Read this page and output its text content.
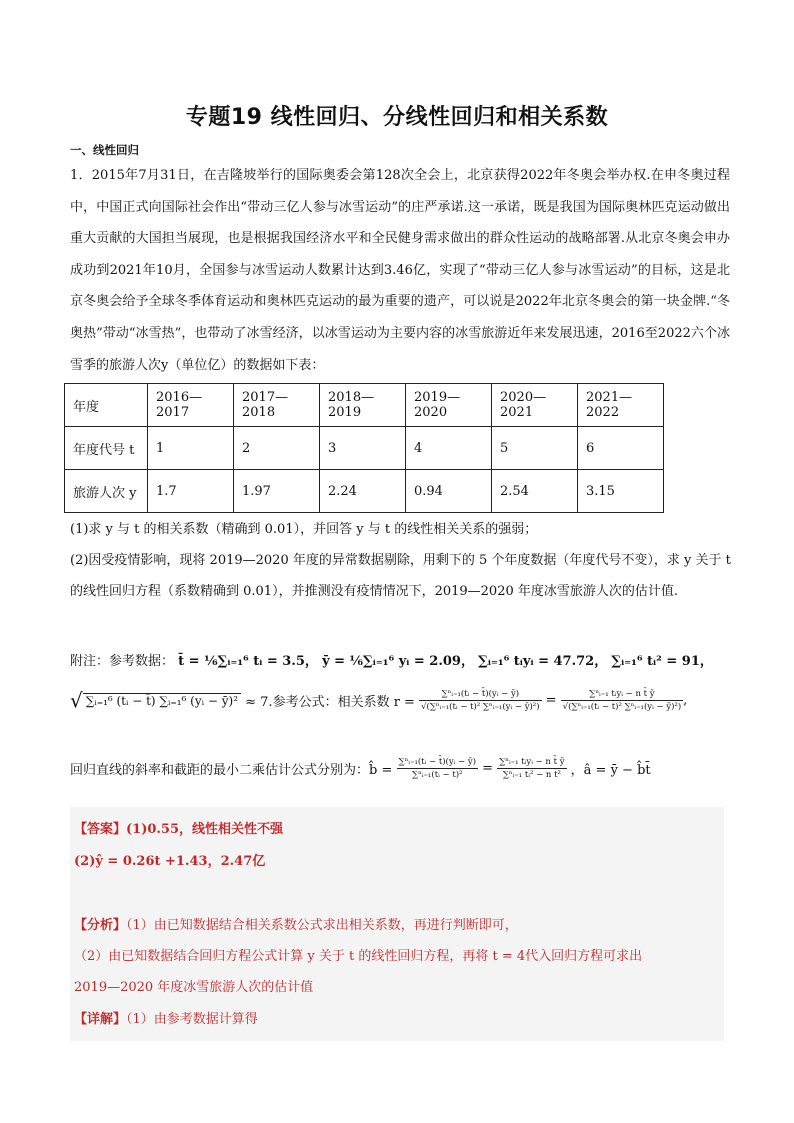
专题19 线性回归、分线性回归和相关系数
一、线性回归
1．2015年7月31日，在吉隆坡举行的国际奥委会第128次全会上，北京获得2022年冬奥会举办权.在申冬奥过程中，中国正式向国际社会作出“带动三亿人参与冰雪运动”的庄严承诺.这一承诺，既是我国为国际奥林匹克运动做出重大贡献的大国担当展现，也是根据我国经济水平和全民健身需求做出的群众性运动的战略部署.从北京冬奥会申办成功到2021年10月，全国参与冰雪运动人数累计达到3.46亿，实现了“带动三亿人参与冰雪运动”的目标，这是北京冬奥会给予全球冬季体育运动和奥林匹克运动的最为重要的遗产，可以说是2022年北京冬奥会的第一块金牌.“冬奥热”带动“冰雪热”，也带动了冰雪经济，以冰雪运动为主要内容的冰雪旅游近年来发展迅速，2016至2022六个冰雪季的旅游人次y（单位亿）的数据如下表：
年度	2016—2017	2017—2018	2018—2019	2019—2020	2020—2021	2021—2022
年度代号 t	1	2	3	4	5	6
旅游人次 y	1.7	1.97	2.24	0.94	2.54	3.15
(1)求 y 与 t 的相关系数（精确到 0.01），并回答 y 与 t 的线性相关关系的强弱；
(2)因受疫情影响，现将 2019—2020 年度的异常数据剔除，用剩下的 5 个年度数据（年度代号不变），求 y 关于 t 的线性回归方程（系数精确到 0.01），并推测没有疫情情况下，2019—2020 年度冰雪旅游人次的估计值.
附注：参考数据： t̄ = ⅙∑ᵢ₌₁⁶ tᵢ = 3.5， ȳ = ⅙∑ᵢ₌₁⁶ yᵢ = 2.09， ∑ᵢ₌₁⁶ tᵢyᵢ = 47.72， ∑ᵢ₌₁⁶ tᵢ² = 91，
√ ∑ᵢ₌₁⁶ (tᵢ − t̄) ∑ᵢ₌₁⁶ (yᵢ − ȳ)² ≈ 7.参考公式：相关系数 $r = \frac{\text{∑ⁿᵢ₌₁(tᵢ − t̄)(yᵢ − ȳ)}}{\text{√(∑ⁿᵢ₌₁(tᵢ − t̄)² ∑ⁿᵢ₌₁(yᵢ − ȳ)²)}} = \frac{\text{∑ⁿᵢ₌₁ tᵢyᵢ − n t̄ ȳ}}{\text{√(∑ⁿᵢ₌₁(tᵢ − t̄)² ∑ⁿᵢ₌₁(yᵢ − ȳ)²)}}$ ,
回归直线的斜率和截距的最小二乘估计公式分别为：b̂ = $\frac{\text{∑ⁿᵢ₌₁(tᵢ − t̄)(yᵢ − ȳ)}}{\text{∑ⁿᵢ₌₁(tᵢ − t̄)²}} = \frac{\text{∑ⁿᵢ₌₁ tᵢyᵢ − n t̄ ȳ}}{\text{∑ⁿᵢ₌₁ tᵢ² − n t̄²}}$ ，â = ȳ − b̂t̄
【答案】(1)0.55，线性相关性不强
(2)ŷ = 0.26t +1.43，2.47亿
【分析】（1）由已知数据结合相关系数公式求出相关系数，再进行判断即可，
（2）由已知数据结合回归方程公式计算 y 关于 t 的线性回归方程，再将 t = 4代入回归方程可求出
2019—2020 年度冰雪旅游人次的估计值
【详解】（1）由参考数据计算得
